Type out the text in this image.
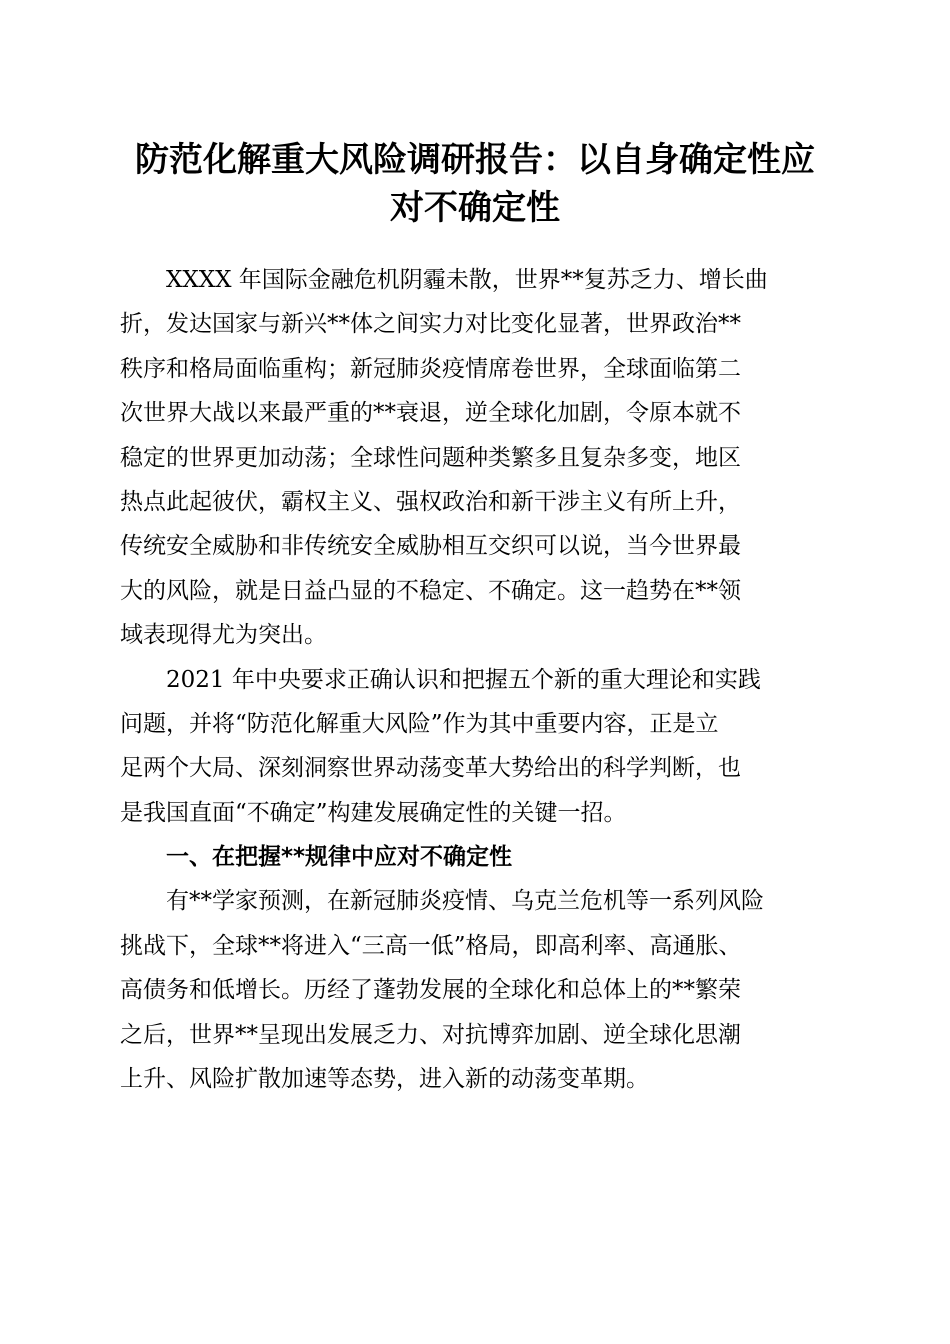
防范化解重大风险调研报告：以自身确定性应
对不确定性
　　XXXX 年国际金融危机阴霾未散，世界**复苏乏力、增长曲
折，发达国家与新兴**体之间实力对比变化显著，世界政治**
秩序和格局面临重构；新冠肺炎疫情席卷世界，全球面临第二
次世界大战以来最严重的**衰退，逆全球化加剧，令原本就不
稳定的世界更加动荡；全球性问题种类繁多且复杂多变，地区
热点此起彼伏，霸权主义、强权政治和新干涉主义有所上升，
传统安全威胁和非传统安全威胁相互交织可以说，当今世界最
大的风险，就是日益凸显的不稳定、不确定。这一趋势在**领
域表现得尤为突出。
　　2021 年中央要求正确认识和把握五个新的重大理论和实践
问题，并将“防范化解重大风险”作为其中重要内容，正是立
足两个大局、深刻洞察世界动荡变革大势给出的科学判断，也
是我国直面“不确定”构建发展确定性的关键一招。
　　一、在把握**规律中应对不确定性
　　有**学家预测，在新冠肺炎疫情、乌克兰危机等一系列风险
挑战下，全球**将进入“三高一低”格局，即高利率、高通胀、
高债务和低增长。历经了蓬勃发展的全球化和总体上的**繁荣
之后，世界**呈现出发展乏力、对抗博弈加剧、逆全球化思潮
上升、风险扩散加速等态势，进入新的动荡变革期。
